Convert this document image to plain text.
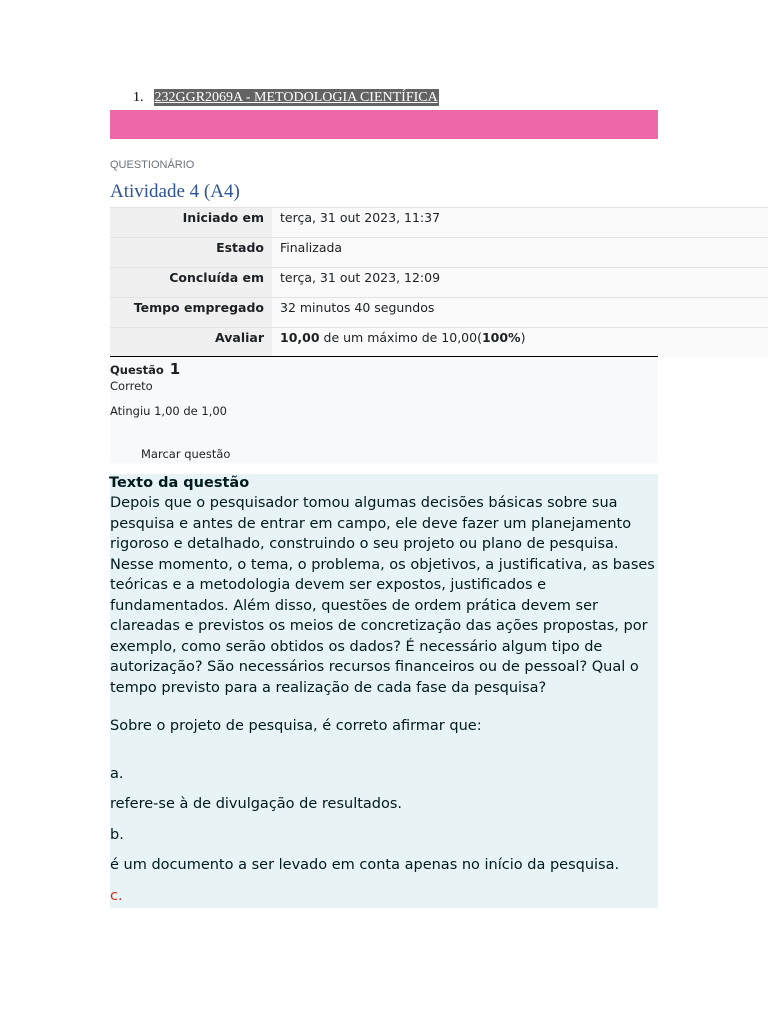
1. 232GGR2069A - METODOLOGIA CIENTÍFICA
QUESTIONÁRIO
Atividade 4 (A4)
Iniciado em	terça, 31 out 2023, 11:37
Estado	Finalizada
Concluída em	terça, 31 out 2023, 12:09
Tempo empregado	32 minutos 40 segundos
Avaliar	10,00 de um máximo de 10,00(100%)
Questão 1
Correto
Atingiu 1,00 de 1,00
Marcar questão
Texto da questão

Depois que o pesquisador tomou algumas decisões básicas sobre sua pesquisa e antes de entrar em campo, ele deve fazer um planejamento rigoroso e detalhado, construindo o seu projeto ou plano de pesquisa. Nesse momento, o tema, o problema, os objetivos, a justificativa, as bases teóricas e a metodologia devem ser expostos, justificados e fundamentados. Além disso, questões de ordem prática devem ser clareadas e previstos os meios de concretização das ações propostas, por exemplo, como serão obtidos os dados? É necessário algum tipo de autorização? São necessários recursos financeiros ou de pessoal? Qual o tempo previsto para a realização de cada fase da pesquisa?

Sobre o projeto de pesquisa, é correto afirmar que:
a.
refere-se à de divulgação de resultados.
b.
é um documento a ser levado em conta apenas no início da pesquisa.
c.
